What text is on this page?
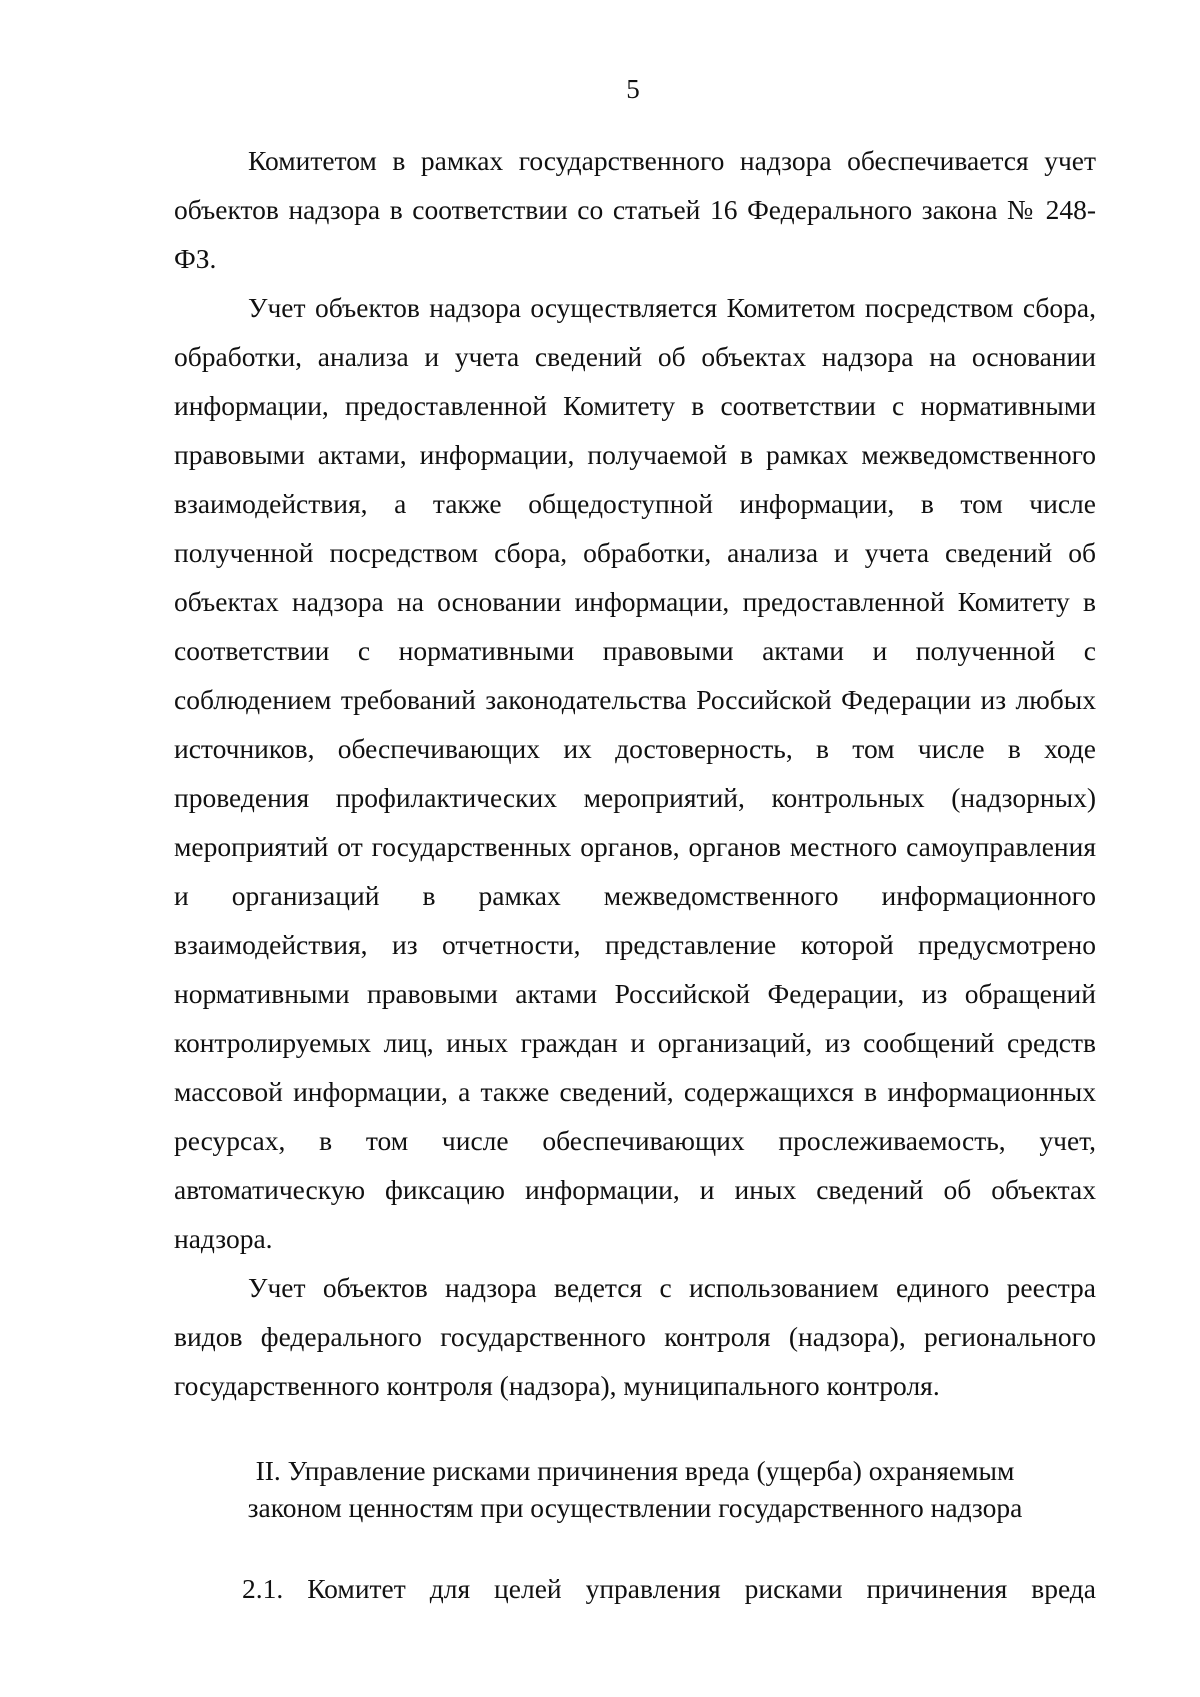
5

Комитетом в рамках государственного надзора обеспечивается учет объектов надзора в соответствии со статьей 16 Федерального закона № 248-ФЗ.

Учет объектов надзора осуществляется Комитетом посредством сбора, обработки, анализа и учета сведений об объектах надзора на основании информации, предоставленной Комитету в соответствии с нормативными правовыми актами, информации, получаемой в рамках межведомственного взаимодействия, а также общедоступной информации, в том числе полученной посредством сбора, обработки, анализа и учета сведений об объектах надзора на основании информации, предоставленной Комитету в соответствии с нормативными правовыми актами и полученной с соблюдением требований законодательства Российской Федерации из любых источников, обеспечивающих их достоверность, в том числе в ходе проведения профилактических мероприятий, контрольных (надзорных) мероприятий от государственных органов, органов местного самоуправления и организаций в рамках межведомственного информационного взаимодействия, из отчетности, представление которой предусмотрено нормативными правовыми актами Российской Федерации, из обращений контролируемых лиц, иных граждан и организаций, из сообщений средств массовой информации, а также сведений, содержащихся в информационных ресурсах, в том числе обеспечивающих прослеживаемость, учет, автоматическую фиксацию информации, и иных сведений об объектах надзора.

Учет объектов надзора ведется с использованием единого реестра видов федерального государственного контроля (надзора), регионального государственного контроля (надзора), муниципального контроля.

II. Управление рисками причинения вреда (ущерба) охраняемым
законом ценностям при осуществлении государственного надзора

2.1. Комитет для целей управления рисками причинения вреда
